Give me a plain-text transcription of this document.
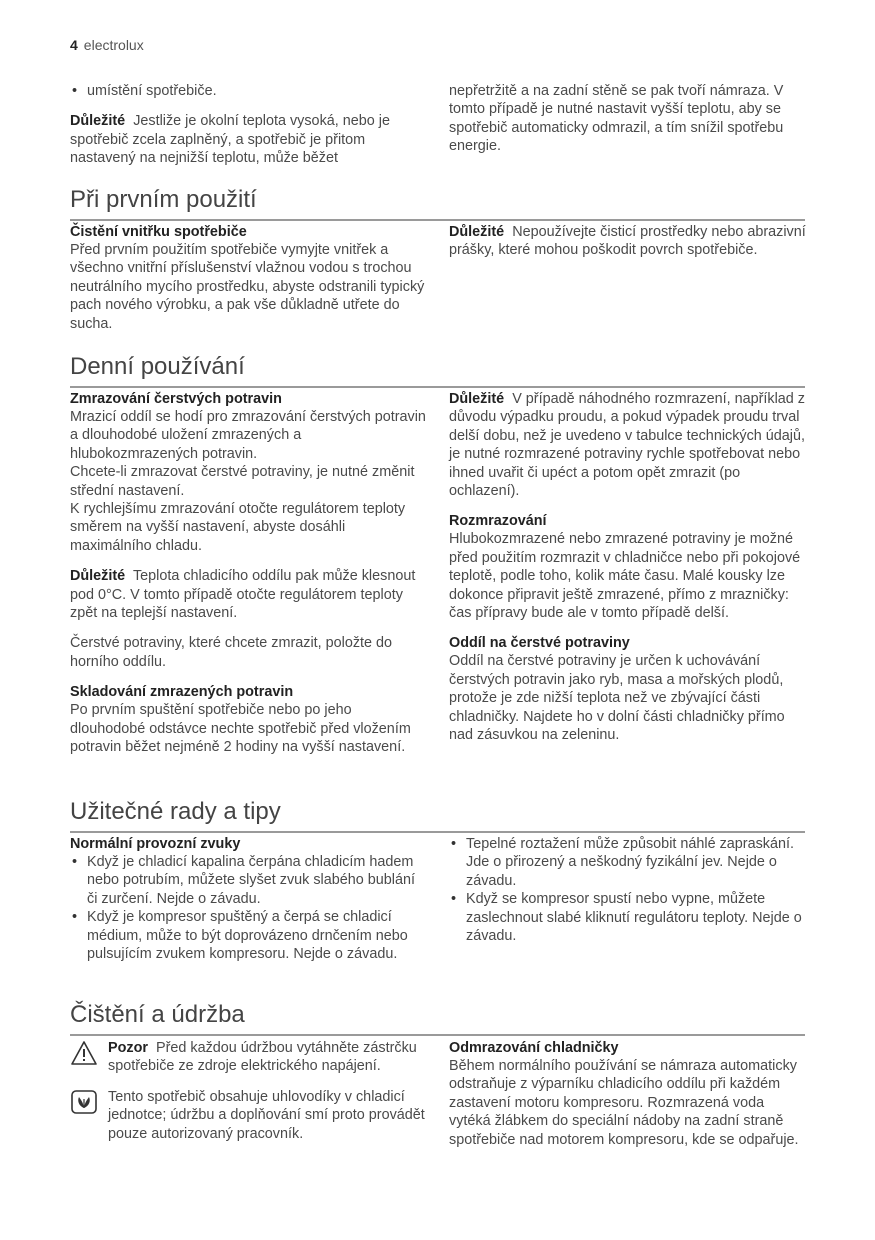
4 electrolux
• umístění spotřebiče.

Důležité Jestliže je okolní teplota vysoká, nebo je spotřebič zcela zaplněný, a spotřebič je přitom nastavený na nejnižší teplotu, může běžet

nepřetržitě a na zadní stěně se pak tvoří námraza. V tomto případě je nutné nastavit vyšší teplotu, aby se spotřebič automaticky odmrazil, a tím snížil spotřebu energie.

Při prvním použití
Čistění vnitřku spotřebiče

Před prvním použitím spotřebiče vymyjte vnitřek a všechno vnitřní příslušenství vlažnou vodou s trochou neutrálního mycího prostředku, abyste odstranili typický pach nového výrobku, a pak vše důkladně utřete do sucha.

Důležité Nepoužívejte čisticí prostředky nebo abrazivní prášky, které mohou poškodit povrch spotřebiče.

Denní používání
Zmrazování čerstvých potravin

Mrazicí oddíl se hodí pro zmrazování čerstvých potravin a dlouhodobé uložení zmrazených a hlubokozmrazených potravin.

Chcete-li zmrazovat čerstvé potraviny, je nutné změnit střední nastavení.

K rychlejšímu zmrazování otočte regulátorem teploty směrem na vyšší nastavení, abyste dosáhli maximálního chladu.

Důležité Teplota chladicího oddílu pak může klesnout pod 0°C. V tomto případě otočte regulátorem teploty zpět na teplejší nastavení.

Čerstvé potraviny, které chcete zmrazit, položte do horního oddílu.

Skladování zmrazených potravin

Po prvním spuštění spotřebiče nebo po jeho dlouhodobé odstávce nechte spotřebič před vložením potravin běžet nejméně 2 hodiny na vyšší nastavení.

Důležité V případě náhodného rozmrazení, například z důvodu výpadku proudu, a pokud výpadek proudu trval delší dobu, než je uvedeno v tabulce technických údajů, je nutné rozmrazené potraviny rychle spotřebovat nebo ihned uvařit či upéct a potom opět zmrazit (po ochlazení).

Rozmrazování

Hlubokozmrazené nebo zmrazené potraviny je možné před použitím rozmrazit v chladničce nebo při pokojové teplotě, podle toho, kolik máte času. Malé kousky lze dokonce připravit ještě zmrazené, přímo z mrazničky: čas přípravy bude ale v tomto případě delší.

Oddíl na čerstvé potraviny

Oddíl na čerstvé potraviny je určen k uchovávání čerstvých potravin jako ryb, masa a mořských plodů, protože je zde nižší teplota než ve zbývající části chladničky. Najdete ho v dolní části chladničky přímo nad zásuvkou na zeleninu.

Užitečné rady a tipy
Normální provozní zvuky
• Když je chladicí kapalina čerpána chladicím hadem nebo potrubím, můžete slyšet zvuk slabého bublání či zurčení. Nejde o závadu.
• Když je kompresor spuštěný a čerpá se chladicí médium, může to být doprovázeno drnčením nebo pulsujícím zvukem kompresoru. Nejde o závadu.
• Tepelné roztažení může způsobit náhlé zapraskání. Jde o přirozený a neškodný fyzikální jev. Nejde o závadu.
• Když se kompresor spustí nebo vypne, můžete zaslechnout slabé kliknutí regulátoru teploty. Nejde o závadu.
Čištění a údržba

Pozor Před každou údržbou vytáhněte zástrčku spotřebiče ze zdroje elektrického napájení.

Tento spotřebič obsahuje uhlovodíky v chladicí jednotce; údržbu a doplňování smí proto provádět pouze autorizovaný pracovník.

Odmrazování chladničky

Během normálního používání se námraza automaticky odstraňuje z výparníku chladicího oddílu při každém zastavení motoru kompresoru. Rozmrazená voda vytéká žlábkem do speciální nádoby na zadní straně spotřebiče nad motorem kompresoru, kde se odpařuje.
